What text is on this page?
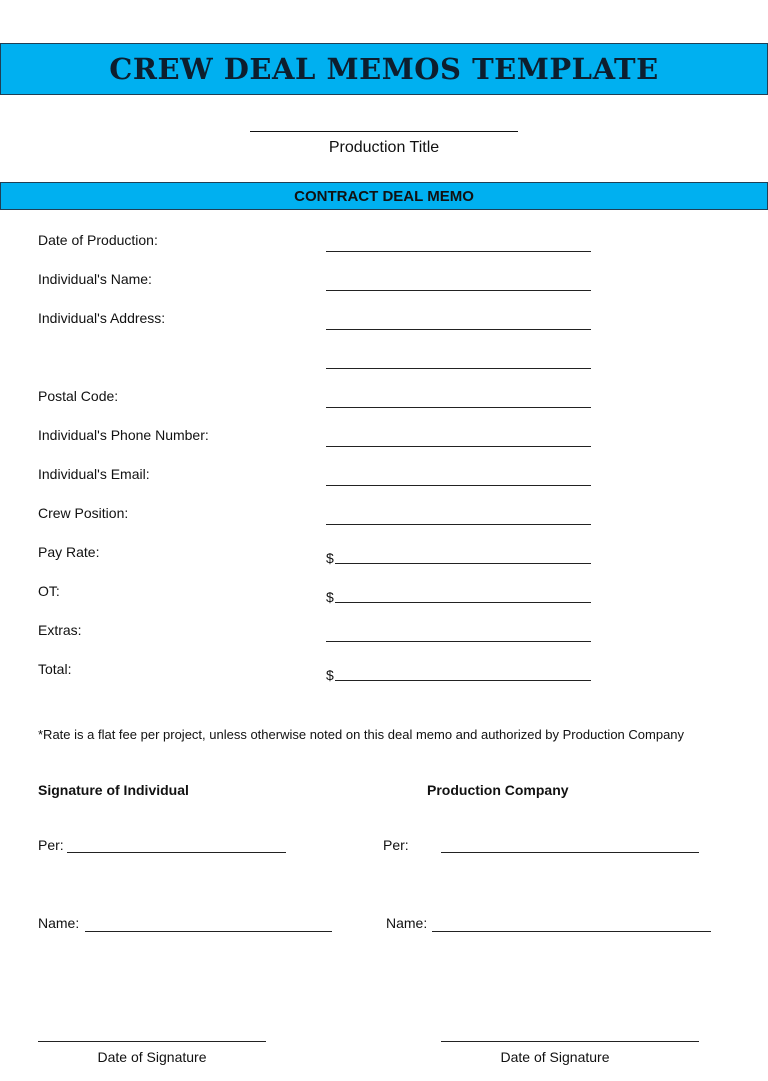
CREW DEAL MEMOS TEMPLATE
Production Title
CONTRACT DEAL MEMO
Date of Production:
Individual's Name:
Individual's Address:
Postal Code:
Individual's Phone Number:
Individual's Email:
Crew Position:
Pay Rate:	$
OT:	$
Extras:
Total:	$
*Rate is a flat fee per project, unless otherwise noted on this deal memo and authorized by Production Company
Signature of Individual	Production Company
Per:	Per:
Name:	Name:
Date of Signature	Date of Signature
